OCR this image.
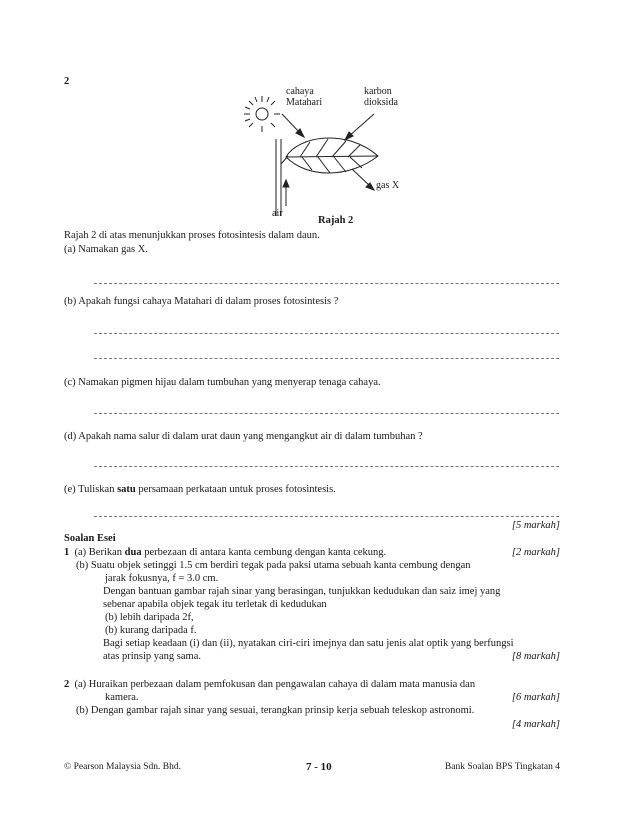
2
cahaya
Matahari
karbon
dioksida
gas X
air
Rajah 2
Rajah 2 di atas menunjukkan proses fotosintesis dalam daun.
(a) Namakan gas X.
(b) Apakah fungsi cahaya Matahari di dalam proses fotosintesis ?
(c) Namakan pigmen hijau dalam tumbuhan yang menyerap tenaga cahaya.
(d) Apakah nama salur di dalam urat daun yang mengangkut air di dalam tumbuhan ?
(e) Tuliskan satu persamaan perkataan untuk proses fotosintesis.
[5 markah]
Soalan Esei
1 (a) Berikan dua perbezaan di antara kanta cembung dengan kanta cekung.	[2 markah]
(b) Suatu objek setinggi 1.5 cm berdiri tegak pada paksi utama sebuah kanta cembung dengan
jarak fokusnya, f = 3.0 cm.
Dengan bantuan gambar rajah sinar yang berasingan, tunjukkan kedudukan dan saiz imej yang
sebenar apabila objek tegak itu terletak di kedudukan
(b) lebih daripada 2f,
(b) kurang daripada f.
Bagi setiap keadaan (i) dan (ii), nyatakan ciri-ciri imejnya dan satu jenis alat optik yang berfungsi
atas prinsip yang sama.	[8 markah]
2 (a) Huraikan perbezaan dalam pemfokusan dan pengawalan cahaya di dalam mata manusia dan
kamera.	[6 markah]
(b) Dengan gambar rajah sinar yang sesuai, terangkan prinsip kerja sebuah teleskop astronomi.
[4 markah]
© Pearson Malaysia Sdn. Bhd.	7 - 10	Bank Soalan BPS Tingkatan 4
